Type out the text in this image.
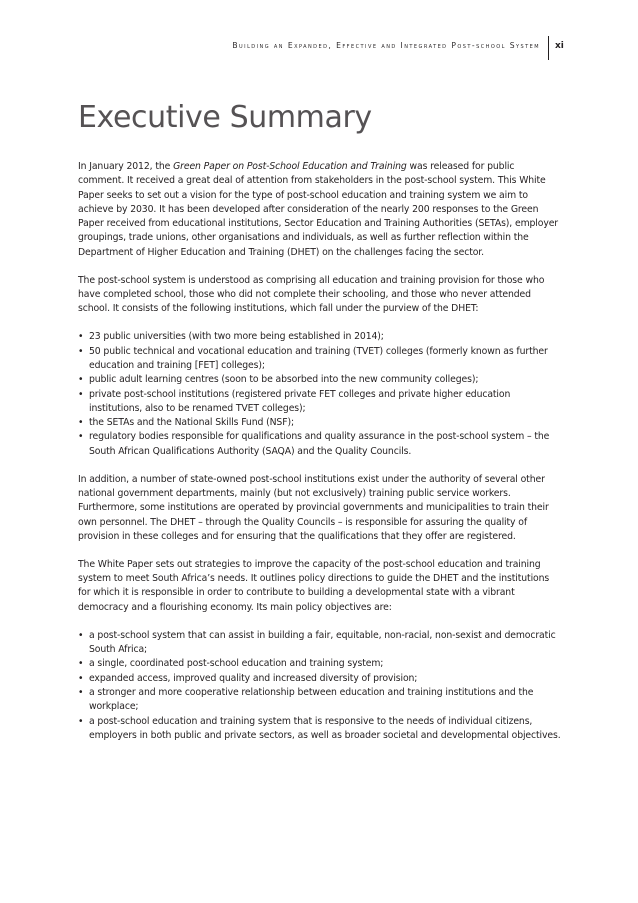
Building an Expanded, Effective and Integrated Post-school System xi
Executive Summary

In January 2012, the Green Paper on Post-School Education and Training was released for public comment. It received a great deal of attention from stakeholders in the post-school system. This White Paper seeks to set out a vision for the type of post-school education and training system we aim to achieve by 2030. It has been developed after consideration of the nearly 200 responses to the Green Paper received from educational institutions, Sector Education and Training Authorities (SETAs), employer groupings, trade unions, other organisations and individuals, as well as further reflection within the Department of Higher Education and Training (DHET) on the challenges facing the sector.

The post-school system is understood as comprising all education and training provision for those who have completed school, those who did not complete their schooling, and those who never attended school. It consists of the following institutions, which fall under the purview of the DHET:

• 23 public universities (with two more being established in 2014);
• 50 public technical and vocational education and training (TVET) colleges (formerly known as further education and training [FET] colleges);
• public adult learning centres (soon to be absorbed into the new community colleges);
• private post-school institutions (registered private FET colleges and private higher education institutions, also to be renamed TVET colleges);
• the SETAs and the National Skills Fund (NSF);
• regulatory bodies responsible for qualifications and quality assurance in the post-school system – the South African Qualifications Authority (SAQA) and the Quality Councils.

In addition, a number of state-owned post-school institutions exist under the authority of several other national government departments, mainly (but not exclusively) training public service workers. Furthermore, some institutions are operated by provincial governments and municipalities to train their own personnel. The DHET – through the Quality Councils – is responsible for assuring the quality of provision in these colleges and for ensuring that the qualifications that they offer are registered.

The White Paper sets out strategies to improve the capacity of the post-school education and training system to meet South Africa’s needs. It outlines policy directions to guide the DHET and the institutions for which it is responsible in order to contribute to building a developmental state with a vibrant democracy and a flourishing economy. Its main policy objectives are:

• a post-school system that can assist in building a fair, equitable, non-racial, non-sexist and democratic South Africa;
• a single, coordinated post-school education and training system;
• expanded access, improved quality and increased diversity of provision;
• a stronger and more cooperative relationship between education and training institutions and the workplace;
• a post-school education and training system that is responsive to the needs of individual citizens, employers in both public and private sectors, as well as broader societal and developmental objectives.
